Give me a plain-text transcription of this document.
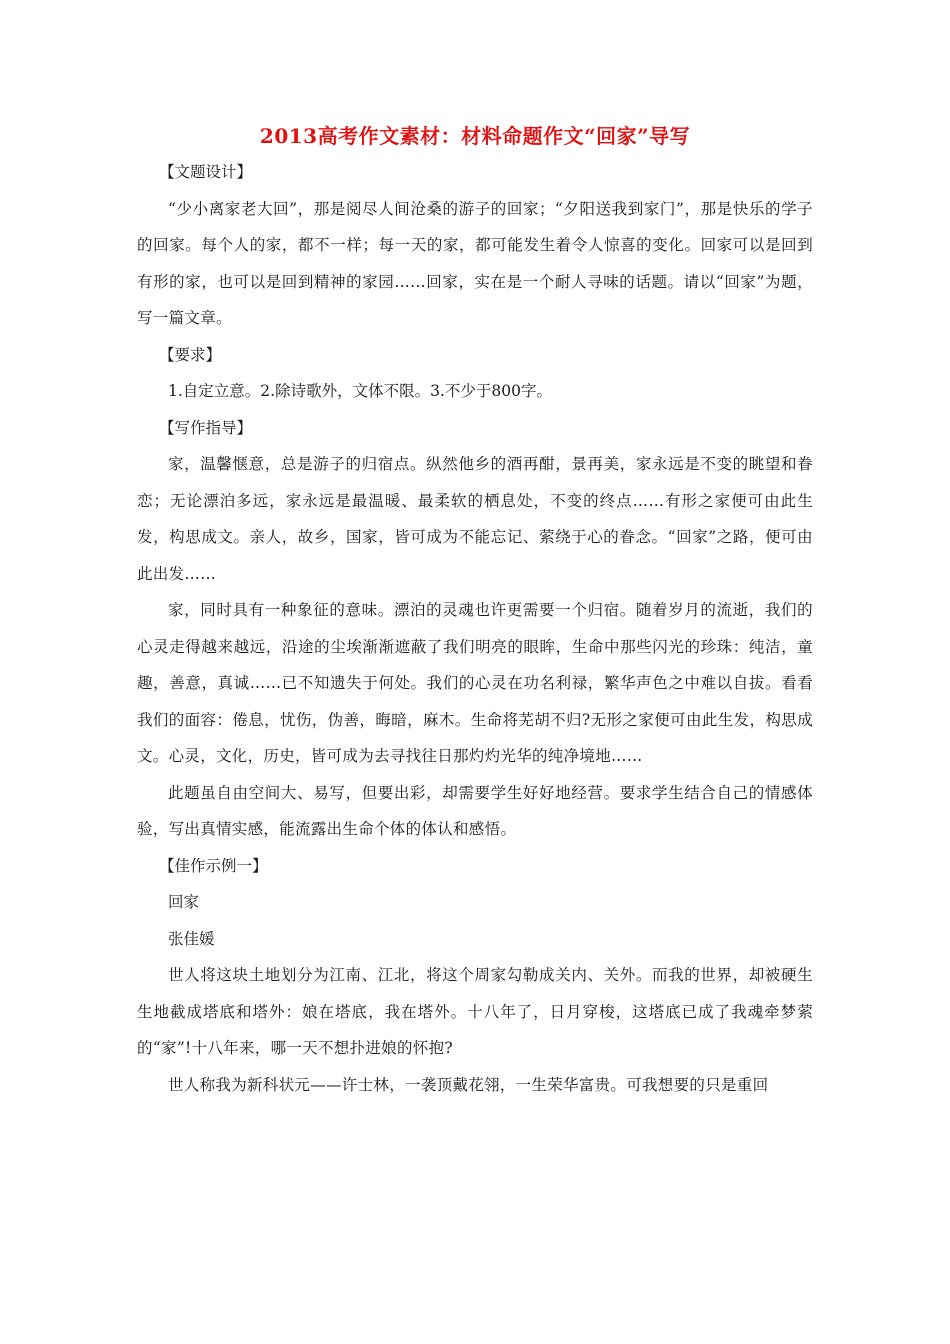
2013高考作文素材：材料命题作文“回家”导写
【文题设计】

“少小离家老大回”，那是阅尽人间沧桑的游子的回家；“夕阳送我到家门”，那是快乐的学子的回家。每个人的家，都不一样；每一天的家，都可能发生着令人惊喜的变化。回家可以是回到有形的家，也可以是回到精神的家园……回家，实在是一个耐人寻味的话题。请以“回家”为题，写一篇文章。

【要求】
1.自定立意。2.除诗歌外，文体不限。3.不少于800字。
【写作指导】

家，温馨惬意，总是游子的归宿点。纵然他乡的酒再酣，景再美，家永远是不变的眺望和眷恋；无论漂泊多远，家永远是最温暖、最柔软的栖息处，不变的终点……有形之家便可由此生发，构思成文。亲人，故乡，国家，皆可成为不能忘记、萦绕于心的眷念。“回家”之路，便可由此出发……

家，同时具有一种象征的意味。漂泊的灵魂也许更需要一个归宿。随着岁月的流逝，我们的心灵走得越来越远，沿途的尘埃渐渐遮蔽了我们明亮的眼眸，生命中那些闪光的珍珠：纯洁，童趣，善意，真诚……已不知遗失于何处。我们的心灵在功名利禄，繁华声色之中难以自拔。看看我们的面容：倦息，忧伤，伪善，晦暗，麻木。生命将芜胡不归?无形之家便可由此生发，构思成文。心灵，文化，历史，皆可成为去寻找往日那灼灼光华的纯净境地……

此题虽自由空间大、易写，但要出彩，却需要学生好好地经营。要求学生结合自己的情感体验，写出真情实感，能流露出生命个体的体认和感悟。

【佳作示例一】
回家
张佳媛

世人将这块土地划分为江南、江北，将这个周家勾勒成关内、关外。而我的世界，却被硬生生地截成塔底和塔外：娘在塔底，我在塔外。十八年了，日月穿梭，这塔底已成了我魂牵梦萦的“家”!十八年来，哪一天不想扑进娘的怀抱?

世人称我为新科状元——许士林，一袭顶戴花翎，一生荣华富贵。可我想要的只是重回
